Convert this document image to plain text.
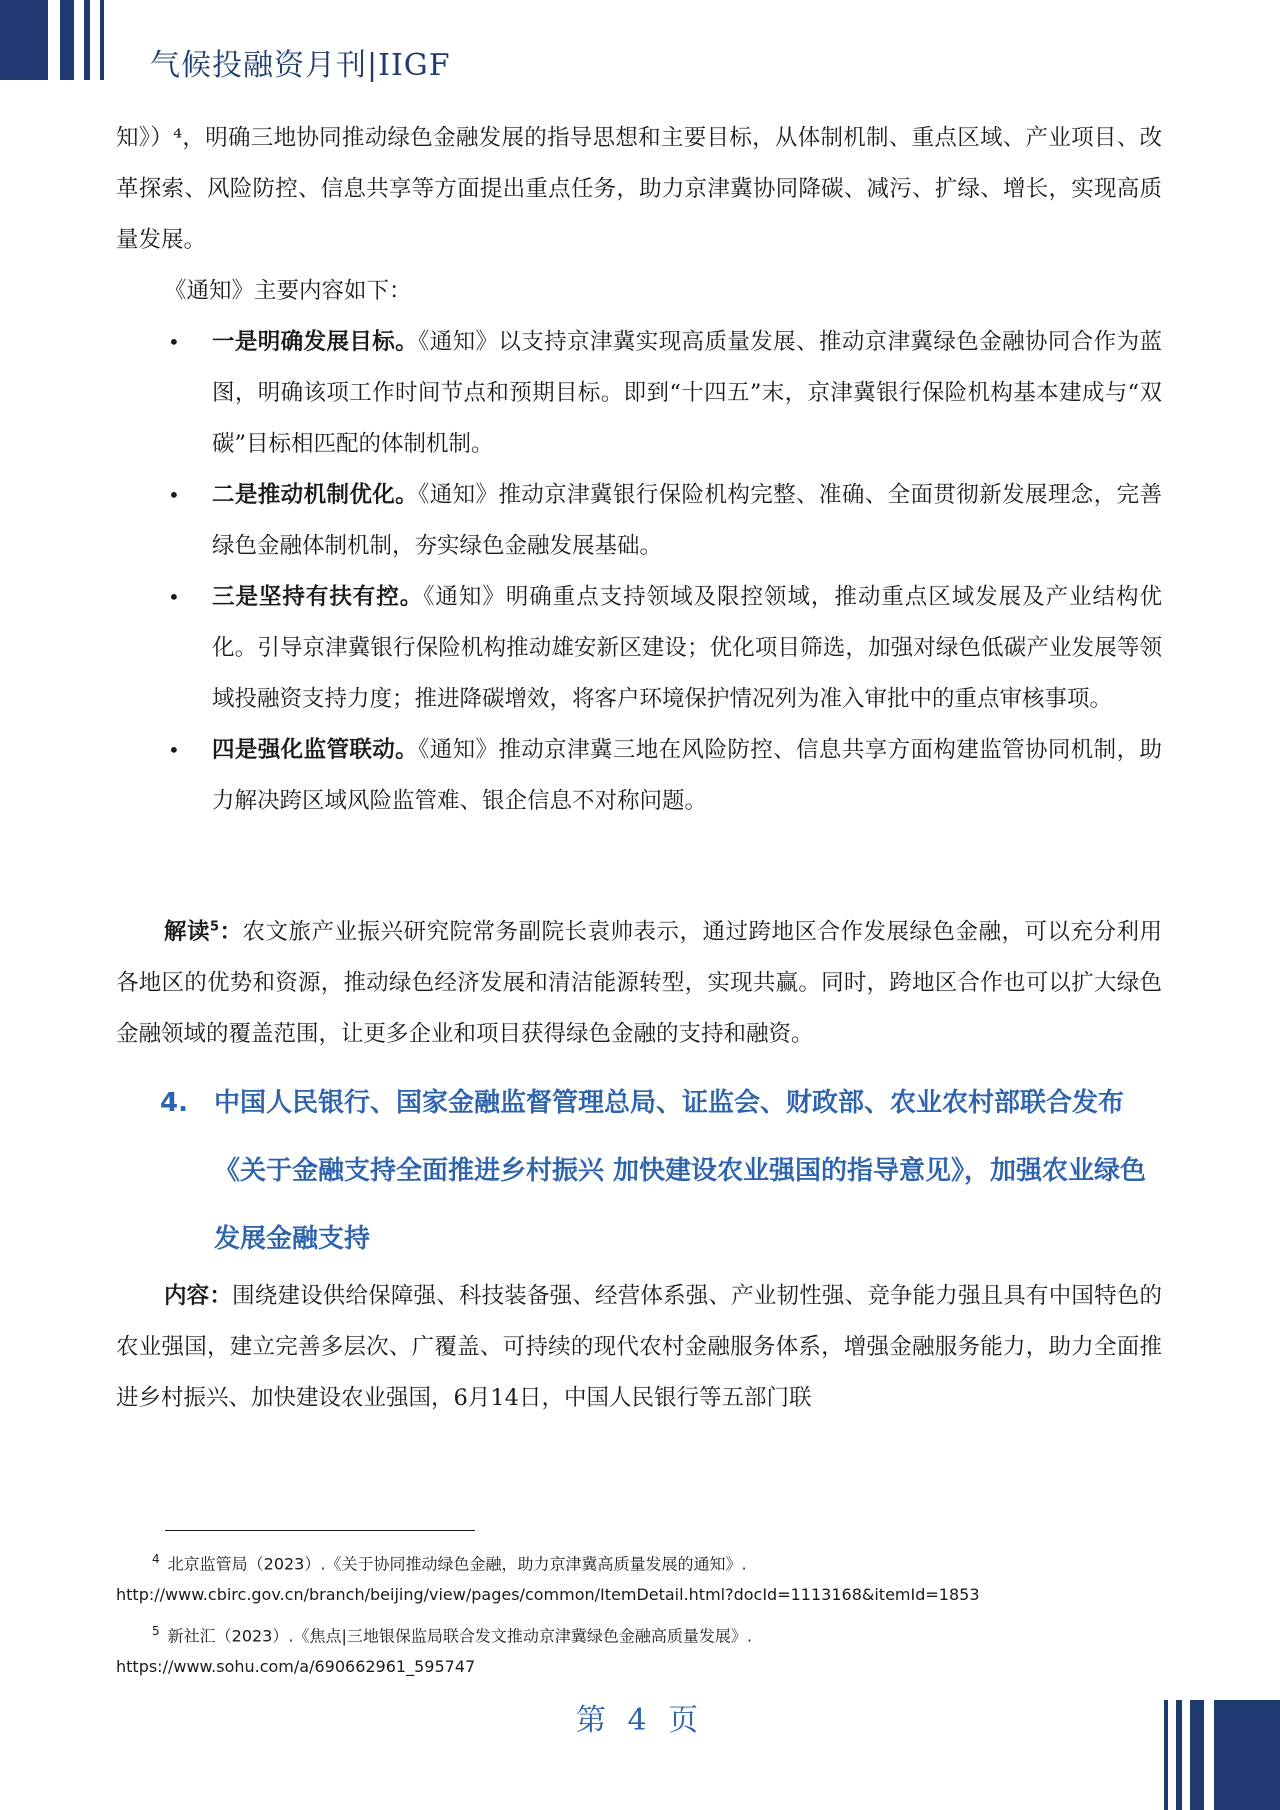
气候投融资月刊|IIGF

知》）⁴，明确三地协同推动绿色金融发展的指导思想和主要目标，从体制机制、重点区域、产业项目、改革探索、风险防控、信息共享等方面提出重点任务，助力京津冀协同降碳、减污、扩绿、增长，实现高质量发展。

《通知》主要内容如下：

• 一是明确发展目标。《通知》以支持京津冀实现高质量发展、推动京津冀绿色金融协同合作为蓝图，明确该项工作时间节点和预期目标。即到“十四五”末，京津冀银行保险机构基本建成与“双碳”目标相匹配的体制机制。
• 二是推动机制优化。《通知》推动京津冀银行保险机构完整、准确、全面贯彻新发展理念，完善绿色金融体制机制，夯实绿色金融发展基础。
• 三是坚持有扶有控。《通知》明确重点支持领域及限控领域，推动重点区域发展及产业结构优化。引导京津冀银行保险机构推动雄安新区建设；优化项目筛选，加强对绿色低碳产业发展等领域投融资支持力度；推进降碳增效，将客户环境保护情况列为准入审批中的重点审核事项。
• 四是强化监管联动。《通知》推动京津冀三地在风险防控、信息共享方面构建监管协同机制，助力解决跨区域风险监管难、银企信息不对称问题。

解读$^5$：农文旅产业振兴研究院常务副院长袁帅表示，通过跨地区合作发展绿色金融，可以充分利用各地区的优势和资源，推动绿色经济发展和清洁能源转型，实现共赢。同时，跨地区合作也可以扩大绿色金融领域的覆盖范围，让更多企业和项目获得绿色金融的支持和融资。

4.	中国人民银行、国家金融监督管理总局、证监会、财政部、农业农村部联合发布《关于金融支持全面推进乡村振兴 加快建设农业强国的指导意见》，加强农业绿色发展金融支持

内容：围绕建设供给保障强、科技装备强、经营体系强、产业韧性强、竞争能力强且具有中国特色的农业强国，建立完善多层次、广覆盖、可持续的现代农村金融服务体系，增强金融服务能力，助力全面推进乡村振兴、加快建设农业强国，6月14日，中国人民银行等五部门联

$^4$ 北京监管局（2023）.《关于协同推动绿色金融，助力京津冀高质量发展的通知》.
http://www.cbirc.gov.cn/branch/beijing/view/pages/common/ItemDetail.html?docId=1113168&itemId=1853
$^5$ 新社汇（2023）.《焦点|三地银保监局联合发文推动京津冀绿色金融高质量发展》.
https://www.sohu.com/a/690662961_595747
第 4 页
